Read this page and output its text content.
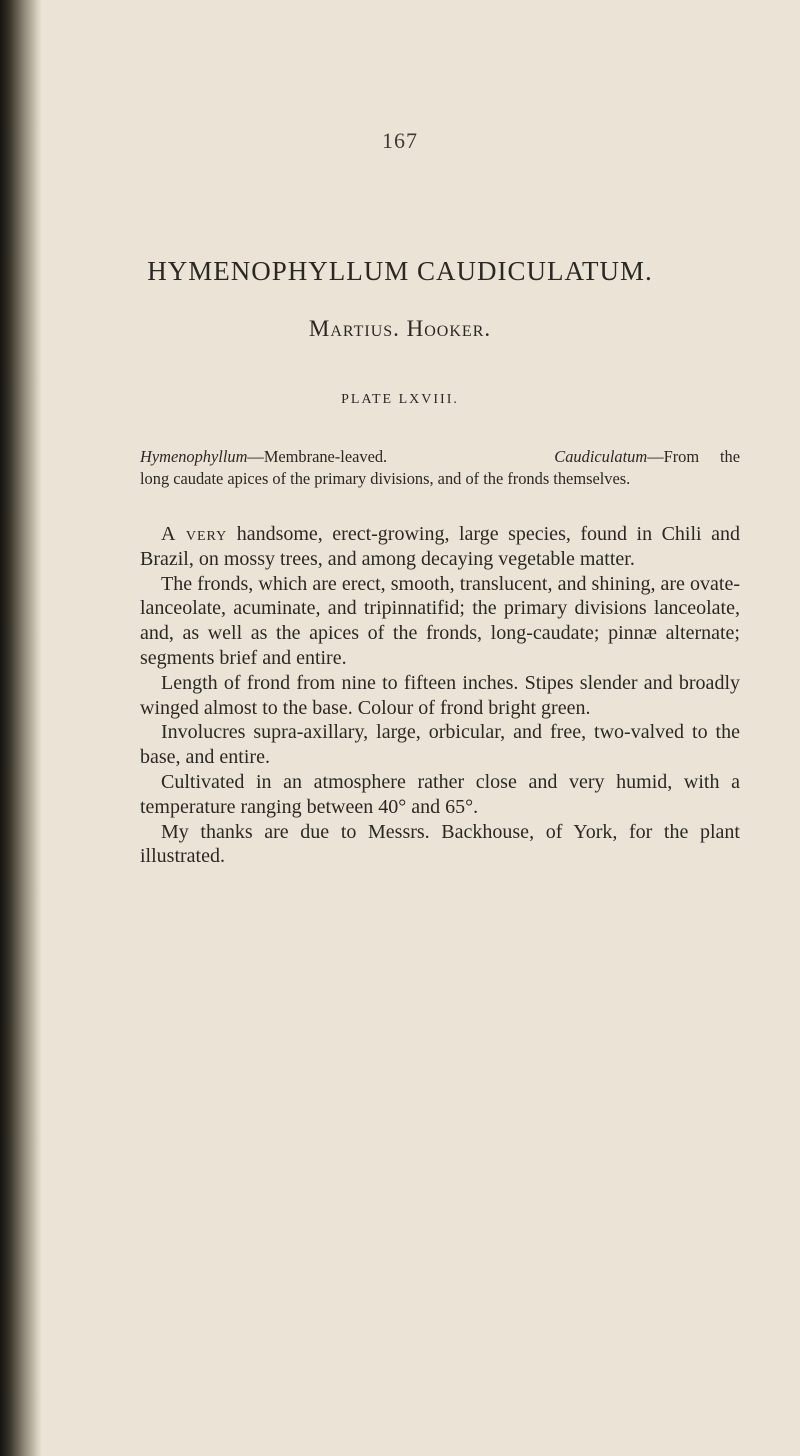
167

HYMENOPHYLLUM CAUDICULATUM.

Martius. Hooker.

PLATE LXVIII.

Hymenophyllum—Membrane-leaved.	Caudiculatum—From the
long caudate apices of the primary divisions, and of the fronds themselves.

A very handsome, erect-growing, large species, found in Chili and Brazil, on mossy trees, and among decaying vegetable matter.

The fronds, which are erect, smooth, translucent, and shining, are ovate-lanceolate, acuminate, and tripinnatifid; the primary divisions lanceolate, and, as well as the apices of the fronds, long-caudate; pinnæ alternate; segments brief and entire.

Length of frond from nine to fifteen inches. Stipes slender and broadly winged almost to the base. Colour of frond bright green.

Involucres supra-axillary, large, orbicular, and free, two-valved to the base, and entire.

Cultivated in an atmosphere rather close and very humid, with a temperature ranging between 40° and 65°.

My thanks are due to Messrs. Backhouse, of York, for the plant illustrated.
